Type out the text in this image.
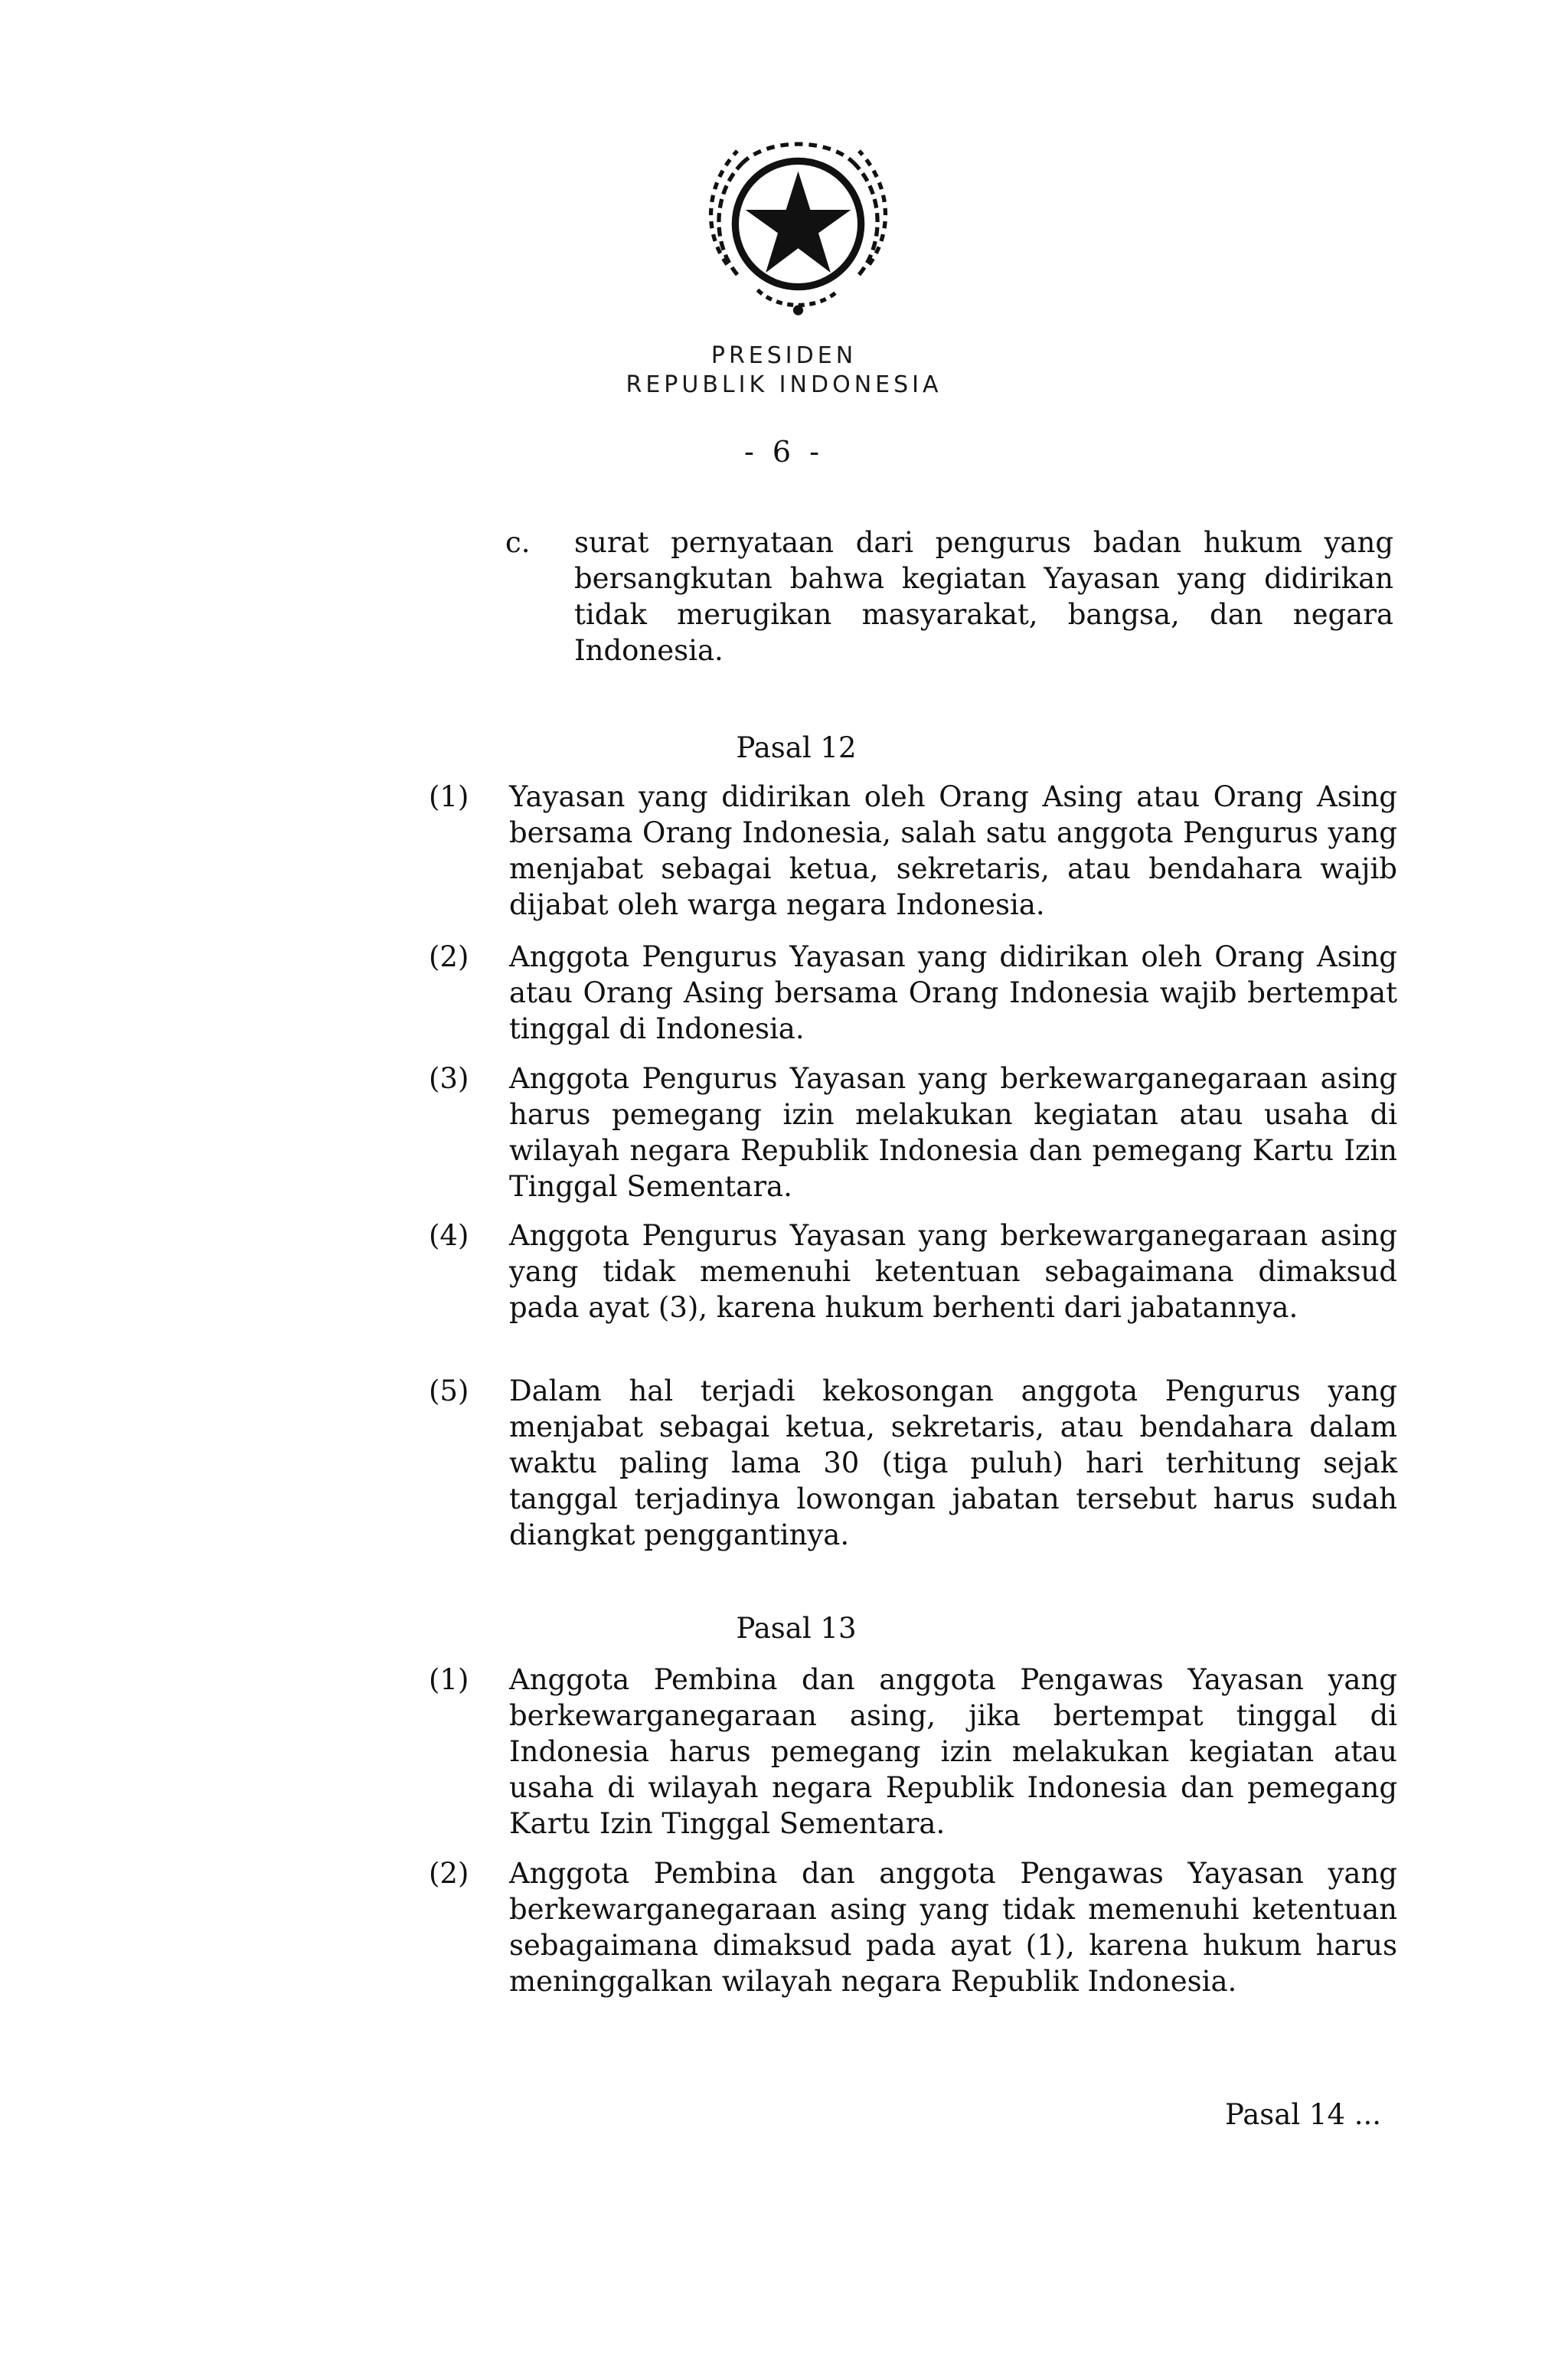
PRESIDEN
REPUBLIK INDONESIA
- 6 -
c. surat pernyataan dari pengurus badan hukum yang bersangkutan bahwa kegiatan Yayasan yang didirikan tidak merugikan masyarakat, bangsa, dan negara Indonesia.
Pasal 12
(1) Yayasan yang didirikan oleh Orang Asing atau Orang Asing bersama Orang Indonesia, salah satu anggota Pengurus yang menjabat sebagai ketua, sekretaris, atau bendahara wajib dijabat oleh warga negara Indonesia.
(2) Anggota Pengurus Yayasan yang didirikan oleh Orang Asing atau Orang Asing bersama Orang Indonesia wajib bertempat tinggal di Indonesia.
(3) Anggota Pengurus Yayasan yang berkewarganegaraan asing harus pemegang izin melakukan kegiatan atau usaha di wilayah negara Republik Indonesia dan pemegang Kartu Izin Tinggal Sementara.
(4) Anggota Pengurus Yayasan yang berkewarganegaraan asing yang tidak memenuhi ketentuan sebagaimana dimaksud pada ayat (3), karena hukum berhenti dari jabatannya.
(5) Dalam hal terjadi kekosongan anggota Pengurus yang menjabat sebagai ketua, sekretaris, atau bendahara dalam waktu paling lama 30 (tiga puluh) hari terhitung sejak tanggal terjadinya lowongan jabatan tersebut harus sudah diangkat penggantinya.
Pasal 13
(1) Anggota Pembina dan anggota Pengawas Yayasan yang berkewarganegaraan asing, jika bertempat tinggal di Indonesia harus pemegang izin melakukan kegiatan atau usaha di wilayah negara Republik Indonesia dan pemegang Kartu Izin Tinggal Sementara.
(2) Anggota Pembina dan anggota Pengawas Yayasan yang berkewarganegaraan asing yang tidak memenuhi ketentuan sebagaimana dimaksud pada ayat (1), karena hukum harus meninggalkan wilayah negara Republik Indonesia.
Pasal 14 ...
